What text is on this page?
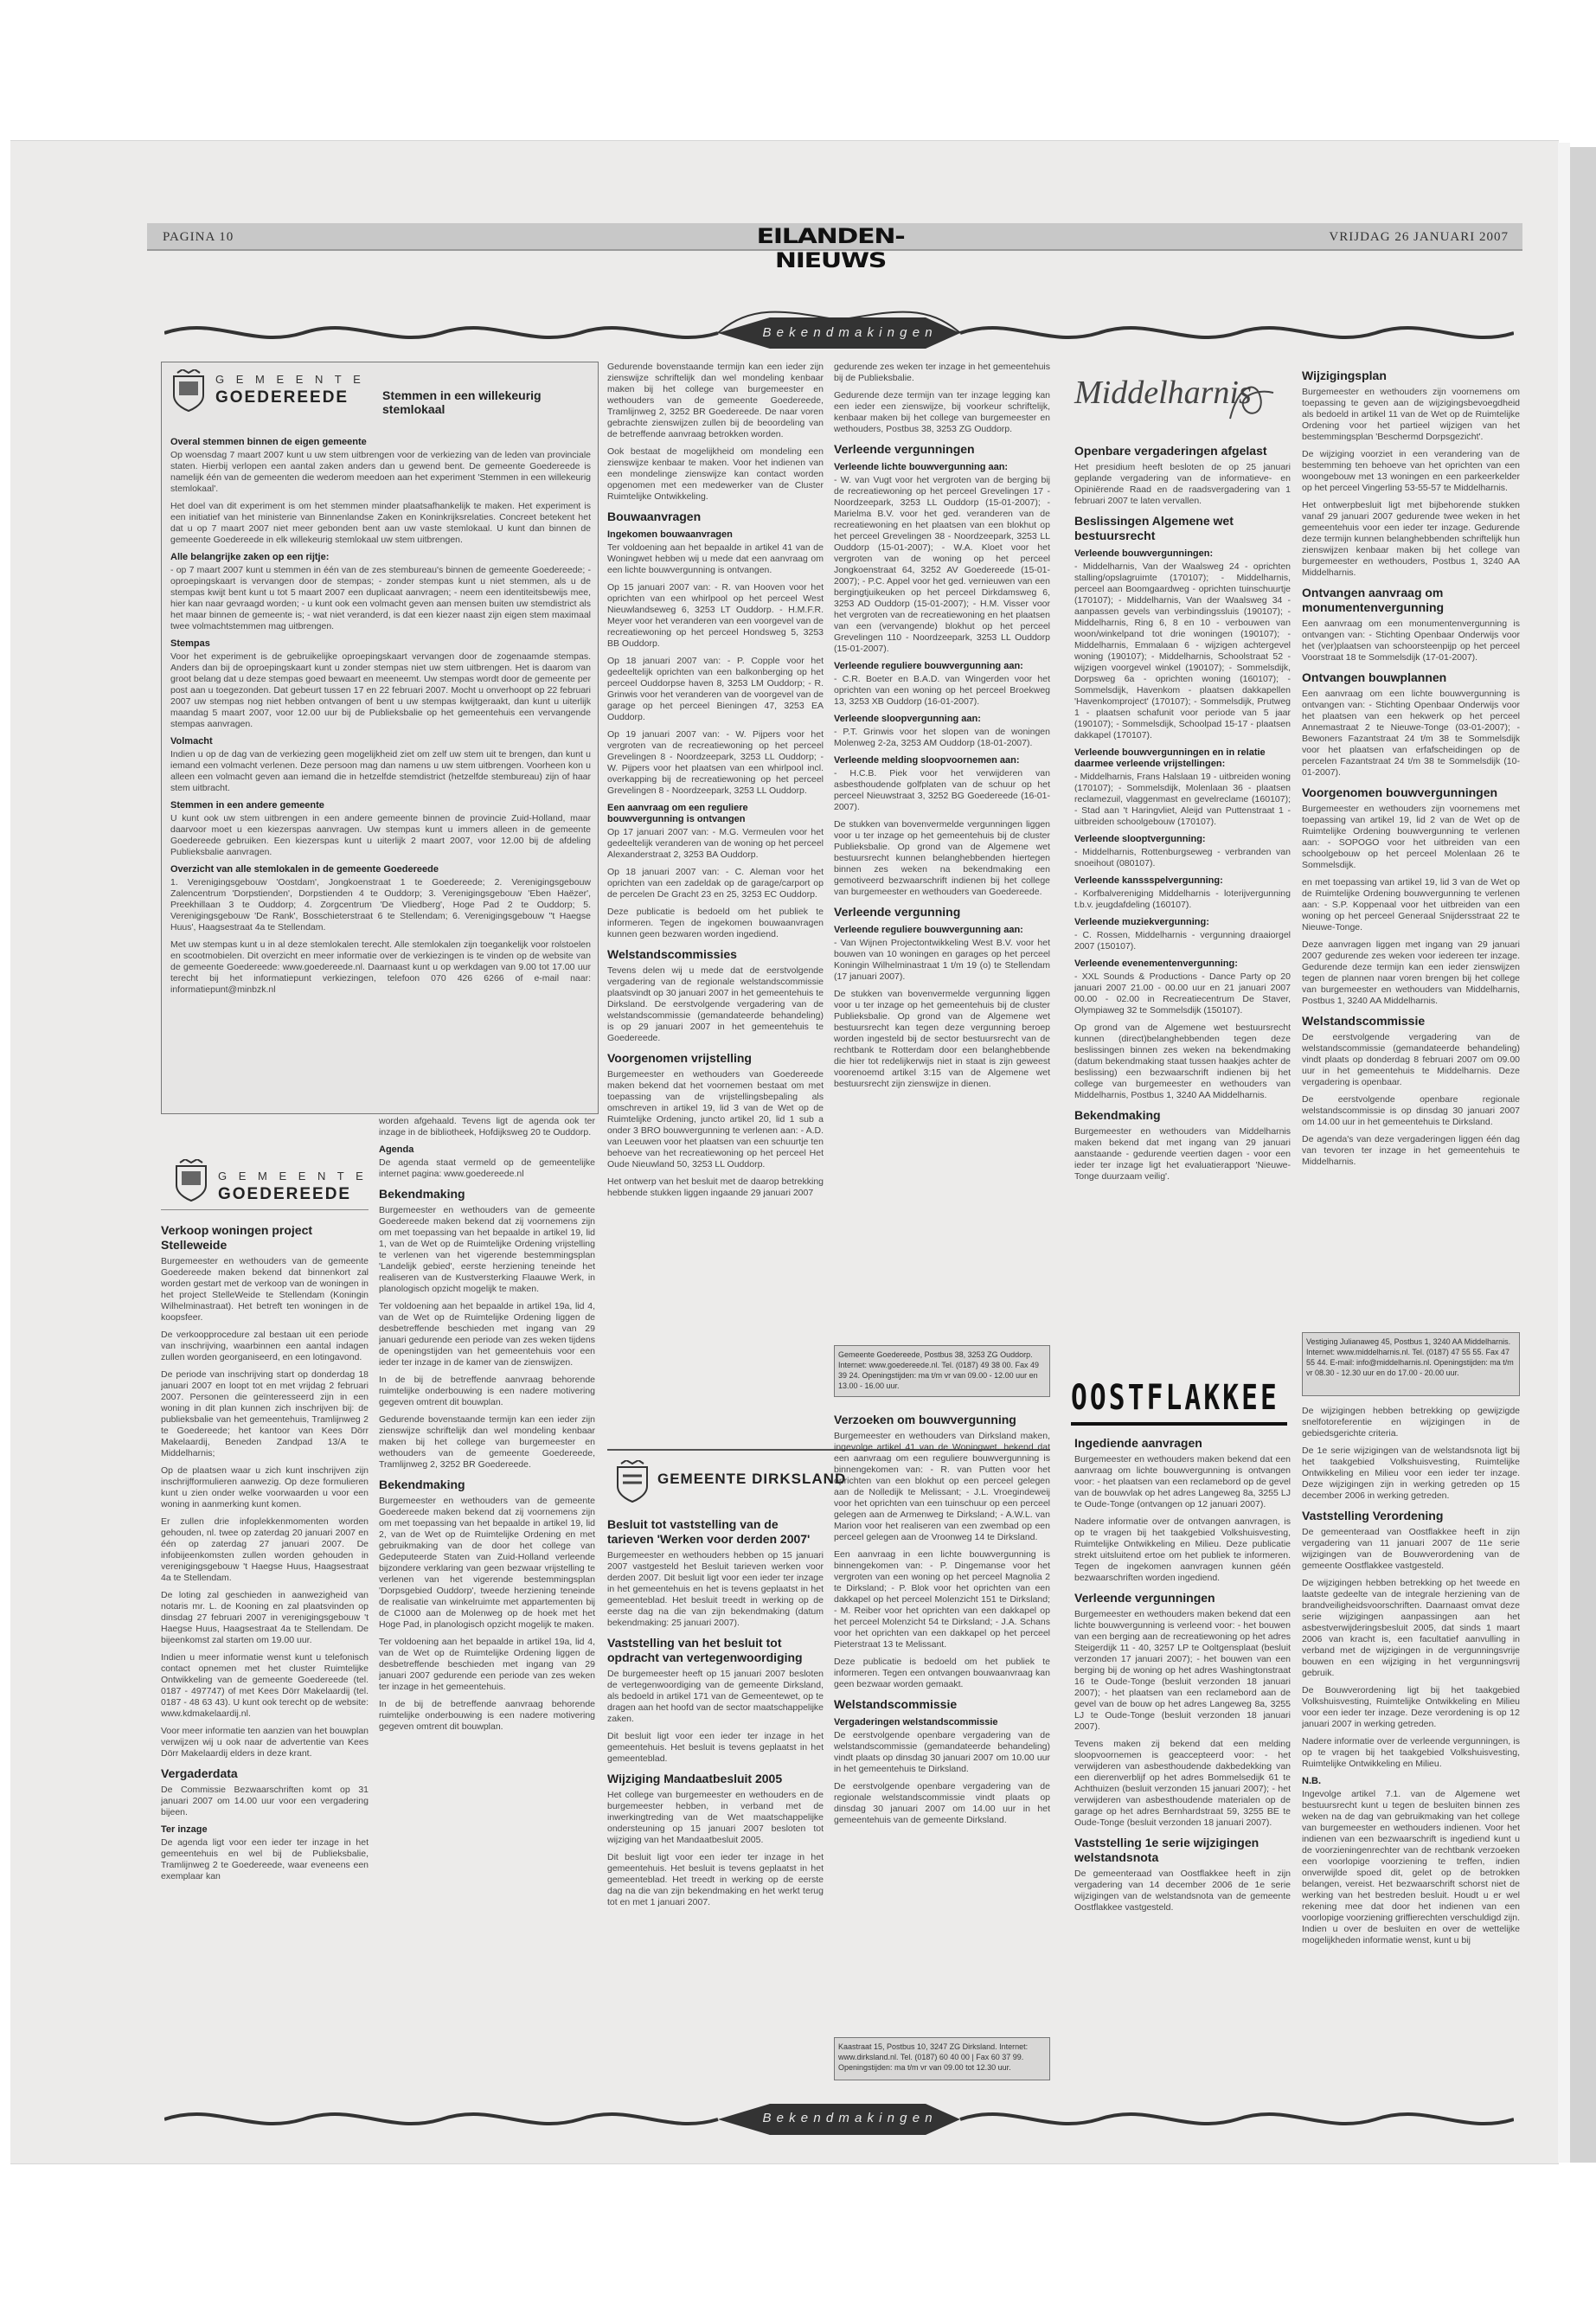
PAGINA 10	EILANDEN-NIEUWS
VRIJDAG 26 JANUARI 2007
B e k e n d m a k i n g e n
G E M E E N T E
GOEDEREEDE	Stemmen in een willekeurig stemlokaal
Overal stemmen binnen de eigen gemeente

Op woensdag 7 maart 2007 kunt u uw stem uitbrengen voor de verkiezing van de leden van provinciale staten. Hierbij verlopen een aantal zaken anders dan u gewend bent. De gemeente Goedereede is namelijk één van de gemeenten die wederom meedoen aan het experiment 'Stemmen in een willekeurig stemlokaal'.

Het doel van dit experiment is om het stemmen minder plaatsafhankelijk te maken. Het experiment is een initiatief van het ministerie van Binnenlandse Zaken en Koninkrijksrelaties. Concreet betekent het dat u op 7 maart 2007 niet meer gebonden bent aan uw vaste stemlokaal. U kunt dan binnen de gemeente Goedereede in elk willekeurig stemlokaal uw stem uitbrengen.

Alle belangrijke zaken op een rijtje:

- op 7 maart 2007 kunt u stemmen in één van de zes stembureau's binnen de gemeente Goedereede; - oproepingskaart is vervangen door de stempas; - zonder stempas kunt u niet stemmen, als u de stempas kwijt bent kunt u tot 5 maart 2007 een duplicaat aanvragen; - neem een identiteitsbewijs mee, hier kan naar gevraagd worden; - u kunt ook een volmacht geven aan mensen buiten uw stemdistrict als het maar binnen de gemeente is; - wat niet veranderd, is dat een kiezer naast zijn eigen stem maximaal twee volmachtstemmen mag uitbrengen.

Stempas

Voor het experiment is de gebruikelijke oproepingskaart vervangen door de zogenaamde stempas. Anders dan bij de oproepingskaart kunt u zonder stempas niet uw stem uitbrengen. Het is daarom van groot belang dat u deze stempas goed bewaart en meeneemt. Uw stempas wordt door de gemeente per post aan u toegezonden. Dat gebeurt tussen 17 en 22 februari 2007. Mocht u onverhoopt op 22 februari 2007 uw stempas nog niet hebben ontvangen of bent u uw stempas kwijtgeraakt, dan kunt u uiterlijk maandag 5 maart 2007, voor 12.00 uur bij de Publieksbalie op het gemeentehuis een vervangende stempas aanvragen.

Volmacht

Indien u op de dag van de verkiezing geen mogelijkheid ziet om zelf uw stem uit te brengen, dan kunt u iemand een volmacht verlenen. Deze persoon mag dan namens u uw stem uitbrengen. Voorheen kon u alleen een volmacht geven aan iemand die in hetzelfde stemdistrict (hetzelfde stembureau) zijn of haar stem uitbracht.

Stemmen in een andere gemeente

U kunt ook uw stem uitbrengen in een andere gemeente binnen de provincie Zuid-Holland, maar daarvoor moet u een kiezerspas aanvragen. Uw stempas kunt u immers alleen in de gemeente Goedereede gebruiken. Een kiezerspas kunt u uiterlijk 2 maart 2007, voor 12.00 bij de afdeling Publieksbalie aanvragen.

Overzicht van alle stemlokalen in de gemeente Goedereede

1. Verenigingsgebouw 'Oostdam', Jongkoenstraat 1 te Goedereede; 2. Verenigingsgebouw Zalencentrum 'Dorpstienden', Dorpstienden 4 te Ouddorp; 3. Verenigingsgebouw 'Eben Haëzer', Preekhillaan 3 te Ouddorp; 4. Zorgcentrum 'De Vliedberg', Hoge Pad 2 te Ouddorp; 5. Verenigingsgebouw 'De Rank', Bosschieterstraat 6 te Stellendam; 6. Verenigingsgebouw ''t Haegse Huus', Haagsestraat 4a te Stellendam.

Met uw stempas kunt u in al deze stemlokalen terecht. Alle stemlokalen zijn toegankelijk voor rolstoelen en scootmobielen. Dit overzicht en meer informatie over de verkiezingen is te vinden op de website van de gemeente Goedereede: www.goedereede.nl. Daarnaast kunt u op werkdagen van 9.00 tot 17.00 uur terecht bij het informatiepunt verkiezingen, telefoon 070 426 6266 of e-mail naar: informatiepunt@minbzk.nl

G E M E E N T E
GOEDEREEDE
Verkoop woningen project Stelleweide

Burgemeester en wethouders van de gemeente Goedereede maken bekend dat binnenkort zal worden gestart met de verkoop van de woningen in het project StelleWeide te Stellendam (Koningin Wilhelminastraat). Het betreft ten woningen in de koopsfeer.

De verkoopprocedure zal bestaan uit een periode van inschrijving, waarbinnen een aantal indagen zullen worden georganiseerd, en een lotingavond.

De periode van inschrijving start op donderdag 18 januari 2007 en loopt tot en met vrijdag 2 februari 2007. Personen die geïnteresseerd zijn in een woning in dit plan kunnen zich inschrijven bij: de publieksbalie van het gemeentehuis, Tramlijnweg 2 te Goedereede; het kantoor van Kees Dörr Makelaardij, Beneden Zandpad 13/A te Middelharnis;

Op de plaatsen waar u zich kunt inschrijven zijn inschrijfformulieren aanwezig. Op deze formulieren kunt u zien onder welke voorwaarden u voor een woning in aanmerking kunt komen.

Er zullen drie infoplekkenmomenten worden gehouden, nl. twee op zaterdag 20 januari 2007 en één op zaterdag 27 januari 2007. De infobijeenkomsten zullen worden gehouden in verenigingsgebouw 't Haegse Huus, Haagsestraat 4a te Stellendam.

De loting zal geschieden in aanwezigheid van notaris mr. L. de Kooning en zal plaatsvinden op dinsdag 27 februari 2007 in verenigingsgebouw 't Haegse Huus, Haagsestraat 4a te Stellendam. De bijeenkomst zal starten om 19.00 uur.

Indien u meer informatie wenst kunt u telefonisch contact opnemen met het cluster Ruimtelijke Ontwikkeling van de gemeente Goedereede (tel. 0187 - 497747) of met Kees Dörr Makelaardij (tel. 0187 - 48 63 43). U kunt ook terecht op de website: www.kdmakelaardij.nl.

Voor meer informatie ten aanzien van het bouwplan verwijzen wij u ook naar de advertentie van Kees Dörr Makelaardij elders in deze krant.

Vergaderdata

De Commissie Bezwaarschriften komt op 31 januari 2007 om 14.00 uur voor een vergadering bijeen.

Ter inzage

De agenda ligt voor een ieder ter inzage in het gemeentehuis en wel bij de Publieksbalie, Tramlijnweg 2 te Goedereede, waar eveneens een exemplaar kan

worden afgehaald. Tevens ligt de agenda ook ter inzage in de bibliotheek, Hofdijksweg 20 te Ouddorp.

Agenda

De agenda staat vermeld op de gemeentelijke internet pagina: www.goedereede.nl

Bekendmaking

Burgemeester en wethouders van de gemeente Goedereede maken bekend dat zij voornemens zijn om met toepassing van het bepaalde in artikel 19, lid 1, van de Wet op de Ruimtelijke Ordening vrijstelling te verlenen van het vigerende bestemmingsplan 'Landelijk gebied', eerste herziening teneinde het realiseren van de Kustversterking Flaauwe Werk, in planologisch opzicht mogelijk te maken.

Ter voldoening aan het bepaalde in artikel 19a, lid 4, van de Wet op de Ruimtelijke Ordening liggen de desbetreffende beschieden met ingang van 29 januari gedurende een periode van zes weken tijdens de openingstijden van het gemeentehuis voor een ieder ter inzage in de kamer van de zienswijzen.

In de bij de betreffende aanvraag behorende ruimtelijke onderbouwing is een nadere motivering gegeven omtrent dit bouwplan.

Gedurende bovenstaande termijn kan een ieder zijn zienswijze schriftelijk dan wel mondeling kenbaar maken bij het college van burgemeester en wethouders van de gemeente Goedereede, Tramlijnweg 2, 3252 BR Goedereede.

Bekendmaking

Burgemeester en wethouders van de gemeente Goedereede maken bekend dat zij voornemens zijn om met toepassing van het bepaalde in artikel 19, lid 2, van de Wet op de Ruimtelijke Ordening en met gebruikmaking van de door het college van Gedeputeerde Staten van Zuid-Holland verleende bijzondere verklaring van geen bezwaar vrijstelling te verlenen van het vigerende bestemmingsplan 'Dorpsgebied Ouddorp', tweede herziening teneinde de realisatie van winkelruimte met appartementen bij de C1000 aan de Molenweg op de hoek met het Hoge Pad, in planologisch opzicht mogelijk te maken.

Ter voldoening aan het bepaalde in artikel 19a, lid 4, van de Wet op de Ruimtelijke Ordening liggen de desbetreffende beschieden met ingang van 29 januari 2007 gedurende een periode van zes weken ter inzage in het gemeentehuis.

In de bij de betreffende aanvraag behorende ruimtelijke onderbouwing is een nadere motivering gegeven omtrent dit bouwplan.

Gedurende bovenstaande termijn kan een ieder zijn zienswijze schriftelijk dan wel mondeling kenbaar maken bij het college van burgemeester en wethouders van de gemeente Goedereede, Tramlijnweg 2, 3252 BR Goedereede. De naar voren gebrachte zienswijzen zullen bij de beoordeling van de betreffende aanvraag betrokken worden.

Ook bestaat de mogelijkheid om mondeling een zienswijze kenbaar te maken. Voor het indienen van een mondelinge zienswijze kan contact worden opgenomen met een medewerker van de Cluster Ruimtelijke Ontwikkeling.

Bouwaanvragen
Ingekomen bouwaanvragen

Ter voldoening aan het bepaalde in artikel 41 van de Woningwet hebben wij u mede dat een aanvraag om een lichte bouwvergunning is ontvangen.

Op 15 januari 2007 van: - R. van Hooven voor het oprichten van een whirlpool op het perceel West Nieuwlandseweg 6, 3253 LT Ouddorp. - H.M.F.R. Meyer voor het veranderen van een voorgevel van de recreatiewoning op het perceel Hondsweg 5, 3253 BB Ouddorp.

Op 18 januari 2007 van: - P. Copple voor het gedeeltelijk oprichten van een balkonberging op het perceel Ouddorpse haven 8, 3253 LM Ouddorp; - R. Grinwis voor het veranderen van de voorgevel van de garage op het perceel Bieningen 47, 3253 EA Ouddorp.

Op 19 januari 2007 van: - W. Pijpers voor het vergroten van de recreatiewoning op het perceel Grevelingen 8 - Noordzeepark, 3253 LL Ouddorp; - W. Pijpers voor het plaatsen van een whirlpool incl. overkapping bij de recreatiewoning op het perceel Grevelingen 8 - Noordzeepark, 3253 LL Ouddorp.

Een aanvraag om een reguliere bouwvergunning is ontvangen

Op 17 januari 2007 van: - M.G. Vermeulen voor het gedeeltelijk veranderen van de woning op het perceel Alexanderstraat 2, 3253 BA Ouddorp.

Op 18 januari 2007 van: - C. Aleman voor het oprichten van een zadeldak op de garage/carport op de percelen De Gracht 23 en 25, 3253 EC Ouddorp.

Deze publicatie is bedoeld om het publiek te informeren. Tegen de ingekomen bouwaanvragen kunnen geen bezwaren worden ingediend.

Welstandscommissies

Tevens delen wij u mede dat de eerstvolgende vergadering van de regionale welstandscommissie plaatsvindt op 30 januari 2007 in het gemeentehuis te Dirksland. De eerstvolgende vergadering van de welstandscommissie (gemandateerde behandeling) is op 29 januari 2007 in het gemeentehuis te Goedereede.

Voorgenomen vrijstelling

Burgemeester en wethouders van Goedereede maken bekend dat het voornemen bestaat om met toepassing van de vrijstellingsbepaling als omschreven in artikel 19, lid 3 van de Wet op de Ruimtelijke Ordening, juncto artikel 20, lid 1 sub a onder 3 BRO bouwvergunning te verlenen aan: - A.D. van Leeuwen voor het plaatsen van een schuurtje ten behoeve van het recreatiewoning op het perceel Het Oude Nieuwland 50, 3253 LL Ouddorp.

Het ontwerp van het besluit met de daarop betrekking hebbende stukken liggen ingaande 29 januari 2007

Gemeente Goedereede, Postbus 38, 3253 ZG Ouddorp. Internet: www.goedereede.nl. Tel. (0187) 49 38 00. Fax 49 39 24. Openingstijden: ma t/m vr van 09.00 - 12.00 uur en 13.00 - 16.00 uur.

gedurende zes weken ter inzage in het gemeentehuis bij de Publieksbalie.

Gedurende deze termijn van ter inzage legging kan een ieder een zienswijze, bij voorkeur schriftelijk, kenbaar maken bij het college van burgemeester en wethouders, Postbus 38, 3253 ZG Ouddorp.

Verleende vergunningen
Verleende lichte bouwvergunning aan:

- W. van Vugt voor het vergroten van de berging bij de recreatiewoning op het perceel Grevelingen 17 - Noordzeepark, 3253 LL Ouddorp (15-01-2007); - Marielma B.V. voor het ged. veranderen van de recreatiewoning en het plaatsen van een blokhut op het perceel Grevelingen 38 - Noordzeepark, 3253 LL Ouddorp (15-01-2007); - W.A. Kloet voor het vergroten van de woning op het perceel Jongkoenstraat 64, 3252 AV Goedereede (15-01-2007); - P.C. Appel voor het ged. vernieuwen van een bergingtjuikeuken op het perceel Dirkdamsweg 6, 3253 AD Ouddorp (15-01-2007); - H.M. Visser voor het vergroten van de recreatiewoning en het plaatsen van een (vervangende) blokhut op het perceel Grevelingen 110 - Noordzeepark, 3253 LL Ouddorp (15-01-2007).

Verleende reguliere bouwvergunning aan:

- C.R. Boeter en B.A.D. van Wingerden voor het oprichten van een woning op het perceel Broekweg 13, 3253 XB Ouddorp (16-01-2007).

Verleende sloopvergunning aan:

- P.T. Grinwis voor het slopen van de woningen Molenweg 2-2a, 3253 AM Ouddorp (18-01-2007).

Verleende melding sloopvoornemen aan:

- H.C.B. Piek voor het verwijderen van asbesthoudende golfplaten van de schuur op het perceel Nieuwstraat 3, 3252 BG Goedereede (16-01-2007).

De stukken van bovenvermelde vergunningen liggen voor u ter inzage op het gemeentehuis bij de cluster Publieksbalie. Op grond van de Algemene wet bestuursrecht kunnen belanghebbenden hiertegen binnen zes weken na bekendmaking een gemotiveerd bezwaarschrift indienen bij het college van burgemeester en wethouders van Goedereede.

Verleende vergunning
Verleende reguliere bouwvergunning aan:

- Van Wijnen Projectontwikkeling West B.V. voor het bouwen van 10 woningen en garages op het perceel Koningin Wilhelminastraat 1 t/m 19 (o) te Stellendam (17 januari 2007).

De stukken van bovenvermelde vergunning liggen voor u ter inzage op het gemeentehuis bij de cluster Publieksbalie. Op grond van de Algemene wet bestuursrecht kan tegen deze vergunning beroep worden ingesteld bij de sector bestuursrecht van de rechtbank te Rotterdam door een belanghebbende die hier tot redelijkerwijs niet in staat is zijn geweest voorenoemd artikel 3:15 van de Algemene wet bestuursrecht zijn zienswijze in dienen.

GEMEENTE DIRKSLAND
Besluit tot vaststelling van de tarieven 'Werken voor derden 2007'

Burgemeester en wethouders hebben op 15 januari 2007 vastgesteld het Besluit tarieven werken voor derden 2007. Dit besluit ligt voor een ieder ter inzage in het gemeentehuis en het is tevens geplaatst in het gemeenteblad. Het besluit treedt in werking op de eerste dag na die van zijn bekendmaking (datum bekendmaking: 25 januari 2007).

Vaststelling van het besluit tot opdracht van vertegenwoordiging

De burgemeester heeft op 15 januari 2007 besloten de vertegenwoordiging van de gemeente Dirksland, als bedoeld in artikel 171 van de Gemeentewet, op te dragen aan het hoofd van de sector maatschappelijke zaken.

Dit besluit ligt voor een ieder ter inzage in het gemeentehuis. Het besluit is tevens geplaatst in het gemeenteblad.

Wijziging Mandaatbesluit 2005

Het college van burgemeester en wethouders en de burgemeester hebben, in verband met de inwerkingtreding van de Wet maatschappelijke ondersteuning op 15 januari 2007 besloten tot wijziging van het Mandaatbesluit 2005.

Dit besluit ligt voor een ieder ter inzage in het gemeentehuis. Het besluit is tevens geplaatst in het gemeenteblad. Het treedt in werking op de eerste dag na die van zijn bekendmaking en het werkt terug tot en met 1 januari 2007.

Verzoeken om bouwvergunning

Burgemeester en wethouders van Dirksland maken, ingevolge artikel 41 van de Woningwet, bekend dat een aanvraag om een reguliere bouwvergunning is binnengekomen van: - R. van Putten voor het oprichten van een blokhut op een perceel gelegen aan de Nolledijk te Melissant; - J.L. Vroegindeweij voor het oprichten van een tuinschuur op een perceel gelegen aan de Armenweg te Dirksland; - A.W.L. van Marion voor het realiseren van een zwembad op een perceel gelegen aan de Vroonweg 14 te Dirksland.

Een aanvraag in een lichte bouwvergunning is binnengekomen van: - P. Dingemanse voor het vergroten van een woning op het perceel Magnolia 2 te Dirksland; - P. Blok voor het oprichten van een dakkapel op het perceel Molenzicht 151 te Dirksland; - M. Reiber voor het oprichten van een dakkapel op het perceel Molenzicht 54 te Dirksland; - J.A. Schans voor het oprichten van een dakkapel op het perceel Pieterstraat 13 te Melissant.

Deze publicatie is bedoeld om het publiek te informeren. Tegen een ontvangen bouwaanvraag kan geen bezwaar worden gemaakt.

Welstandscommissie
Vergaderingen welstandscommissie

De eerstvolgende openbare vergadering van de welstandscommissie (gemandateerde behandeling) vindt plaats op dinsdag 30 januari 2007 om 10.00 uur in het gemeentehuis te Dirksland.

De eerstvolgende openbare vergadering van de regionale welstandscommissie vindt plaats op dinsdag 30 januari 2007 om 14.00 uur in het gemeentehuis van de gemeente Dirksland.

Kaastraat 15, Postbus 10, 3247 ZG Dirksland. Internet: www.dirksland.nl. Tel. (0187) 60 40 00 | Fax 60 37 99. Openingstijden: ma t/m vr van 09.00 tot 12.30 uur.
Middelharnis
Openbare vergaderingen afgelast

Het presidium heeft besloten de op 25 januari geplande vergadering van de informatieve- en Opiniërende Raad en de raadsvergadering van 1 februari 2007 te laten vervallen.

Beslissingen Algemene wet bestuursrecht
Verleende bouwvergunningen:

- Middelharnis, Van der Waalsweg 24 - oprichten stalling/opslagruimte (170107); - Middelharnis, perceel aan Boomgaardweg - oprichten tuinschuurtje (170107); - Middelharnis, Van der Waalsweg 34 - aanpassen gevels van verbindingssluis (190107); - Middelharnis, Ring 6, 8 en 10 - verbouwen van woon/winkelpand tot drie woningen (190107); - Middelharnis, Emmalaan 6 - wijzigen achtergevel woning (190107); - Middelharnis, Schoolstraat 52 - wijzigen voorgevel winkel (190107); - Sommelsdijk, Dorpsweg 6a - oprichten woning (160107); - Sommelsdijk, Havenkom - plaatsen dakkapellen 'Havenkomproject' (170107); - Sommelsdijk, Prutweg 1 - plaatsen schafunit voor periode van 5 jaar (190107); - Sommelsdijk, Schoolpad 15-17 - plaatsen dakkapel (170107).

Verleende bouwvergunningen en in relatie daarmee verleende vrijstellingen:

- Middelharnis, Frans Halslaan 19 - uitbreiden woning (170107); - Sommelsdijk, Molenlaan 36 - plaatsen reclamezuil, vlaggenmast en gevelreclame (160107); - Stad aan 't Haringvliet, Aleijd van Puttenstraat 1 - uitbreiden schoolgebouw (170107).

Verleende slooptvergunning:

- Middelharnis, Rottenburgseweg - verbranden van snoeihout (080107).

Verleende kanssspelvergunning:

- Korfbalvereniging Middelharnis - loterijvergunning t.b.v. jeugdafdeling (160107).

Verleende muziekvergunning:

- C. Rossen, Middelharnis - vergunning draaiorgel 2007 (150107).

Verleende evenementenvergunning:

- XXL Sounds & Productions - Dance Party op 20 januari 2007 21.00 - 00.00 uur en 21 januari 2007 00.00 - 02.00 in Recreatiecentrum De Staver, Olympiaweg 32 te Sommelsdijk (150107).

Op grond van de Algemene wet bestuursrecht kunnen (direct)belanghebbenden tegen deze beslissingen binnen zes weken na bekendmaking (datum bekendmaking staat tussen haakjes achter de beslissing) een bezwaarschrift indienen bij het college van burgemeester en wethouders van Middelharnis, Postbus 1, 3240 AA Middelharnis.

Bekendmaking

Burgemeester en wethouders van Middelharnis maken bekend dat met ingang van 29 januari aanstaande - gedurende veertien dagen - voor een ieder ter inzage ligt het evaluatierapport 'Nieuwe-Tonge duurzaam veilig'.

Wijzigingsplan

Burgemeester en wethouders zijn voornemens om toepassing te geven aan de wijzigingsbevoegdheid als bedoeld in artikel 11 van de Wet op de Ruimtelijke Ordening voor het partieel wijzigen van het bestemmingsplan 'Beschermd Dorpsgezicht'.

De wijziging voorziet in een verandering van de bestemming ten behoeve van het oprichten van een woongebouw met 13 woningen en een parkeerkelder op het perceel Vingerling 53-55-57 te Middelharnis.

Het ontwerpbesluit ligt met bijbehorende stukken vanaf 29 januari 2007 gedurende twee weken in het gemeentehuis voor een ieder ter inzage. Gedurende deze termijn kunnen belanghebbenden schriftelijk hun zienswijzen kenbaar maken bij het college van burgemeester en wethouders, Postbus 1, 3240 AA Middelharnis.

Ontvangen aanvraag om monumentenvergunning

Een aanvraag om een monumentenvergunning is ontvangen van: - Stichting Openbaar Onderwijs voor het (ver)plaatsen van schoorsteenpijp op het perceel Voorstraat 18 te Sommelsdijk (17-01-2007).

Ontvangen bouwplannen

Een aanvraag om een lichte bouwvergunning is ontvangen van: - Stichting Openbaar Onderwijs voor het plaatsen van een hekwerk op het perceel Annemastraat 2 te Nieuwe-Tonge (03-01-2007); - Bewoners Fazantstraat 24 t/m 38 te Sommelsdijk voor het plaatsen van erfafscheidingen op de percelen Fazantstraat 24 t/m 38 te Sommelsdijk (10-01-2007).

Voorgenomen bouwvergunningen

Burgemeester en wethouders zijn voornemens met toepassing van artikel 19, lid 2 van de Wet op de Ruimtelijke Ordening bouwvergunning te verlenen aan: - SOPOGO voor het uitbreiden van een schoolgebouw op het perceel Molenlaan 26 te Sommelsdijk.

en met toepassing van artikel 19, lid 3 van de Wet op de Ruimtelijke Ordening bouwvergunning te verlenen aan: - S.P. Koppenaal voor het uitbreiden van een woning op het perceel Generaal Snijdersstraat 22 te Nieuwe-Tonge.

Deze aanvragen liggen met ingang van 29 januari 2007 gedurende zes weken voor iedereen ter inzage. Gedurende deze termijn kan een ieder zienswijzen tegen de plannen naar voren brengen bij het college van burgemeester en wethouders van Middelharnis, Postbus 1, 3240 AA Middelharnis.

Welstandscommissie

De eerstvolgende vergadering van de welstandscommissie (gemandateerde behandeling) vindt plaats op donderdag 8 februari 2007 om 09.00 uur in het gemeentehuis te Middelharnis. Deze vergadering is openbaar.

De eerstvolgende openbare regionale welstandscommissie is op dinsdag 30 januari 2007 om 14.00 uur in het gemeentehuis te Dirksland.

De agenda's van deze vergaderingen liggen één dag van tevoren ter inzage in het gemeentehuis te Middelharnis.

Vestiging Julianaweg 45, Postbus 1, 3240 AA Middelharnis. Internet: www.middelharnis.nl. Tel. (0187) 47 55 55. Fax 47 55 44. E-mail: info@middelharnis.nl. Openingstijden: ma t/m vr 08.30 - 12.30 uur en do 17.00 - 20.00 uur.

De wijzigingen hebben betrekking op gewijzigde snelfotoreferentie en wijzigingen in de gebiedsgerichte criteria.

De 1e serie wijzigingen van de welstandsnota ligt bij het taakgebied Volkshuisvesting, Ruimtelijke Ontwikkeling en Milieu voor een ieder ter inzage. Deze wijzigingen zijn in werking getreden op 15 december 2006 in werking getreden.

Vaststelling Verordening

De gemeenteraad van Oostflakkee heeft in zijn vergadering van 11 januari 2007 de 11e serie wijzigingen van de Bouwverordening van de gemeente Oostflakkee vastgesteld.

De wijzigingen hebben betrekking op het tweede en laatste gedeelte van de integrale herziening van de brandveiligheidsvoorschriften. Daarnaast omvat deze serie wijzigingen aanpassingen aan het asbestverwijderingsbesluit 2005, dat sinds 1 maart 2006 van kracht is, een facultatief aanvulling in verband met de wijzigingen in de vergunningsvrije bouwen en een wijziging in het vergunningsvrij gebruik.

De Bouwverordening ligt bij het taakgebied Volkshuisvesting, Ruimtelijke Ontwikkeling en Milieu voor een ieder ter inzage. Deze verordening is op 12 januari 2007 in werking getreden.

Nadere informatie over de verleende vergunningen, is op te vragen bij het taakgebied Volkshuisvesting, Ruimtelijke Ontwikkeling en Milieu.

N.B.

Ingevolge artikel 7.1. van de Algemene wet bestuursrecht kunt u tegen de besluiten binnen zes weken na de dag van gebruikmaking van het college van burgemeester en wethouders indienen. Voor het indienen van een bezwaarschrift is ingediend kunt u de voorzieningenrechter van de rechtbank verzoeken een voorlopige voorziening te treffen, indien onverwijlde spoed dit, gelet op de betrokken belangen, vereist. Het bezwaarschrift schorst niet de werking van het bestreden besluit. Houdt u er wel rekening mee dat door het indienen van een voorlopige voorziening griffierechten verschuldigd zijn. Indien u over de besluiten en over de wettelijke mogelijkheden informatie wenst, kunt u bij

OOSTFLAKKEE
Ingediende aanvragen

Burgemeester en wethouders maken bekend dat een aanvraag om lichte bouwvergunning is ontvangen voor: - het plaatsen van een reclamebord op de gevel van de bouwvlak op het adres Langeweg 8a, 3255 LJ te Oude-Tonge (ontvangen op 12 januari 2007).

Nadere informatie over de ontvangen aanvragen, is op te vragen bij het taakgebied Volkshuisvesting, Ruimtelijke Ontwikkeling en Milieu. Deze publicatie strekt uitsluitend ertoe om het publiek te informeren. Tegen de ingekomen aanvragen kunnen géén bezwaarschriften worden ingediend.

Verleende vergunningen

Burgemeester en wethouders maken bekend dat een lichte bouwvergunning is verleend voor: - het bouwen van een berging aan de recreatiewoning op het adres Steigerdijk 11 - 40, 3257 LP te Ooltgensplaat (besluit verzonden 17 januari 2007); - het bouwen van een berging bij de woning op het adres Washingtonstraat 16 te Oude-Tonge (besluit verzonden 18 januari 2007); - het plaatsen van een reclamebord aan de gevel van de bouw op het adres Langeweg 8a, 3255 LJ te Oude-Tonge (besluit verzonden 18 januari 2007).

Tevens maken zij bekend dat een melding sloopvoornemen is geaccepteerd voor: - het verwijderen van asbesthoudende dakbedekking van een dierenverblijf op het adres Bommelsedijk 61 te Achthuizen (besluit verzonden 15 januari 2007); - het verwijderen van asbesthoudende materialen op de garage op het adres Bernhardstraat 59, 3255 BE te Oude-Tonge (besluit verzonden 18 januari 2007).

Vaststelling 1e serie wijzigingen welstandsnota

De gemeenteraad van Oostflakkee heeft in zijn vergadering van 14 december 2006 de 1e serie wijzigingen van de welstandsnota van de gemeente Oostflakkee vastgesteld.

B e k e n d m a k i n g e n
